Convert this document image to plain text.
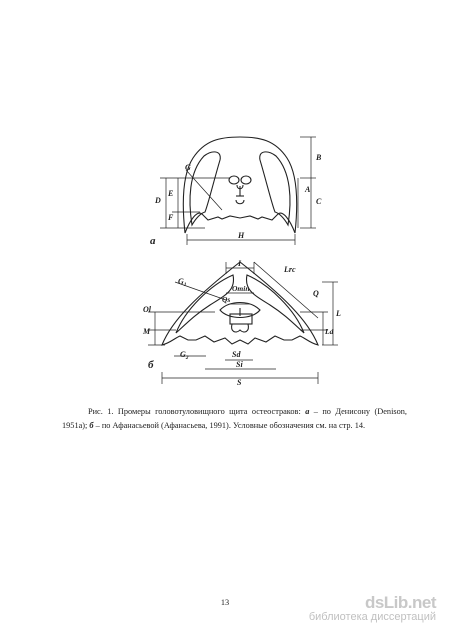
G
B
A
C
D
E
F
H
a
I
Lrc
$G_1$	Omin
Qs
Q
Ol
M
L
Ld
$G_2$	Sd
Si
S
б
Рис. 1. Промеры головотуловищного щита остеостраков: а – по Денисону (Denison, 1951а); б – по Афанасьевой (Афанасьева, 1991). Условные обозначения см. на стр. 14.
13	dsLib.net
библиотека диссертаций
